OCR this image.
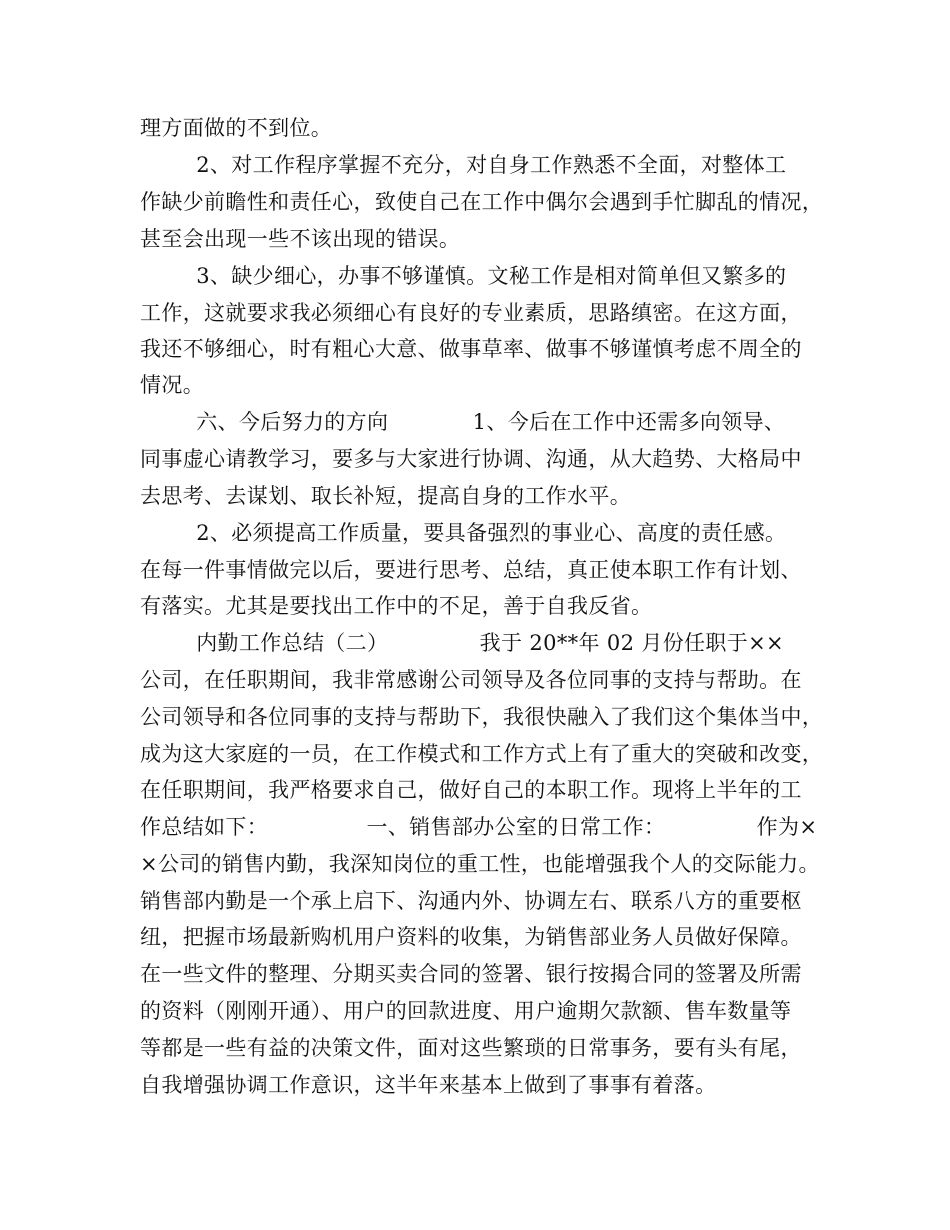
理方面做的不到位。
2、对工作程序掌握不充分，对自身工作熟悉不全面，对整体工
作缺少前瞻性和责任心，致使自己在工作中偶尔会遇到手忙脚乱的情况，
甚至会出现一些不该出现的错误。
3、缺少细心，办事不够谨慎。文秘工作是相对简单但又繁多的
工作，这就要求我必须细心有良好的专业素质，思路缜密。在这方面，
我还不够细心，时有粗心大意、做事草率、做事不够谨慎考虑不周全的
情况。
六、今后努力的方向            1、今后在工作中还需多向领导、
同事虚心请教学习，要多与大家进行协调、沟通，从大趋势、大格局中
去思考、去谋划、取长补短，提高自身的工作水平。
2、必须提高工作质量，要具备强烈的事业心、高度的责任感。
在每一件事情做完以后，要进行思考、总结，真正使本职工作有计划、
有落实。尤其是要找出工作中的不足，善于自我反省。
内勤工作总结（二）             我于 20**年 02 月份任职于××
公司，在任职期间，我非常感谢公司领导及各位同事的支持与帮助。在
公司领导和各位同事的支持与帮助下，我很快融入了我们这个集体当中，
成为这大家庭的一员，在工作模式和工作方式上有了重大的突破和改变，
在任职期间，我严格要求自己，做好自己的本职工作。现将上半年的工
作总结如下：              一、销售部办公室的日常工作：             作为×
×公司的销售内勤，我深知岗位的重工性，也能增强我个人的交际能力。
销售部内勤是一个承上启下、沟通内外、协调左右、联系八方的重要枢
纽，把握市场最新购机用户资料的收集，为销售部业务人员做好保障。
在一些文件的整理、分期买卖合同的签署、银行按揭合同的签署及所需
的资料（刚刚开通）、用户的回款进度、用户逾期欠款额、售车数量等
等都是一些有益的决策文件，面对这些繁琐的日常事务，要有头有尾，
自我增强协调工作意识，这半年来基本上做到了事事有着落。
